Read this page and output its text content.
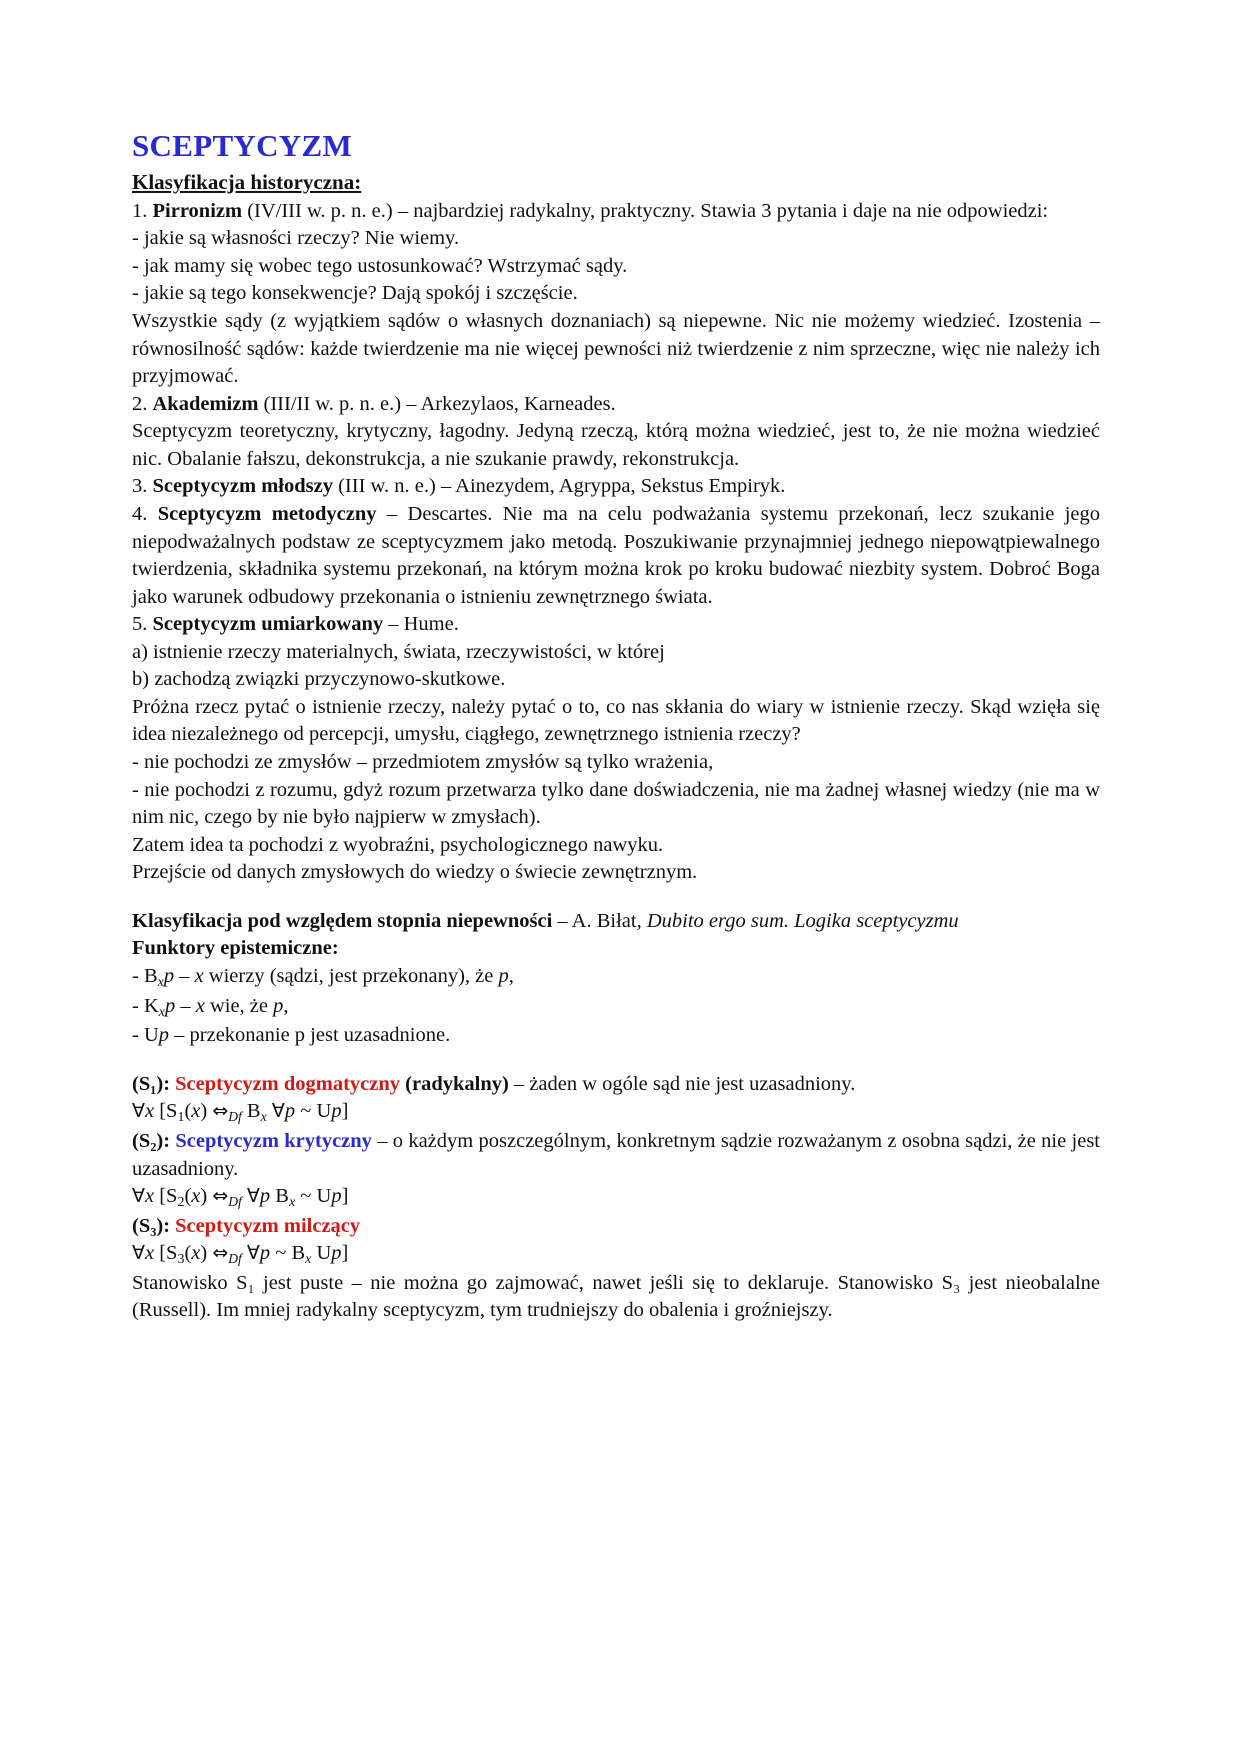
SCEPTYCYZM
Klasyfikacja historyczna:

1. Pirronizm (IV/III w. p. n. e.) – najbardziej radykalny, praktyczny. Stawia 3 pytania i daje na nie odpowiedzi:

- jakie są własności rzeczy? Nie wiemy.

- jak mamy się wobec tego ustosunkować? Wstrzymać sądy.

- jakie są tego konsekwencje? Dają spokój i szczęście.

Wszystkie sądy (z wyjątkiem sądów o własnych doznaniach) są niepewne. Nic nie możemy wiedzieć. Izostenia – równosilność sądów: każde twierdzenie ma nie więcej pewności niż twierdzenie z nim sprzeczne, więc nie należy ich przyjmować.

2. Akademizm (III/II w. p. n. e.) – Arkezylaos, Karneades.

Sceptycyzm teoretyczny, krytyczny, łagodny. Jedyną rzeczą, którą można wiedzieć, jest to, że nie można wiedzieć nic. Obalanie fałszu, dekonstrukcja, a nie szukanie prawdy, rekonstrukcja.

3. Sceptycyzm młodszy (III w. n. e.) – Ainezydem, Agryppa, Sekstus Empiryk.

4. Sceptycyzm metodyczny – Descartes. Nie ma na celu podważania systemu przekonań, lecz szukanie jego niepodważalnych podstaw ze sceptycyzmem jako metodą. Poszukiwanie przynajmniej jednego niepowątpiewalnego twierdzenia, składnika systemu przekonań, na którym można krok po kroku budować niezbity system. Dobroć Boga jako warunek odbudowy przekonania o istnieniu zewnętrznego świata.

5. Sceptycyzm umiarkowany – Hume.

a) istnienie rzeczy materialnych, świata, rzeczywistości, w której

b) zachodzą związki przyczynowo-skutkowe.

Próżna rzecz pytać o istnienie rzeczy, należy pytać o to, co nas skłania do wiary w istnienie rzeczy. Skąd wzięła się idea niezależnego od percepcji, umysłu, ciągłego, zewnętrznego istnienia rzeczy?

- nie pochodzi ze zmysłów – przedmiotem zmysłów są tylko wrażenia,

- nie pochodzi z rozumu, gdyż rozum przetwarza tylko dane doświadczenia, nie ma żadnej własnej wiedzy (nie ma w nim nic, czego by nie było najpierw w zmysłach).

Zatem idea ta pochodzi z wyobraźni, psychologicznego nawyku.

Przejście od danych zmysłowych do wiedzy o świecie zewnętrznym.

Klasyfikacja pod względem stopnia niepewności – A. Biłat, Dubito ergo sum. Logika sceptycyzmu

Funktory epistemiczne:

- $B_xp$ – x wierzy (sądzi, jest przekonany), że p,

- $K_xp$ – x wie, że p,

- Up – przekonanie p jest uzasadnione.

(S₁): Sceptycyzm dogmatyczny (radykalny) – żaden w ogóle sąd nie jest uzasadniony.

∀x [$S_1(x)$ ⇔Df $B_x$ ∀p ~ Up]

(S₂): Sceptycyzm krytyczny – o każdym poszczególnym, konkretnym sądzie rozważanym z osobna sądzi, że nie jest uzasadniony.

∀x [$S_2(x)$ ⇔Df ∀p $B_x$ ~ Up]

(S₃): Sceptycyzm milczący

∀x [$S_3(x)$ ⇔Df ∀p ~ $B_x$ Up]

Stanowisko S₁ jest puste – nie można go zajmować, nawet jeśli się to deklaruje. Stanowisko S₃ jest nieobalalne (Russell). Im mniej radykalny sceptycyzm, tym trudniejszy do obalenia i groźniejszy.
